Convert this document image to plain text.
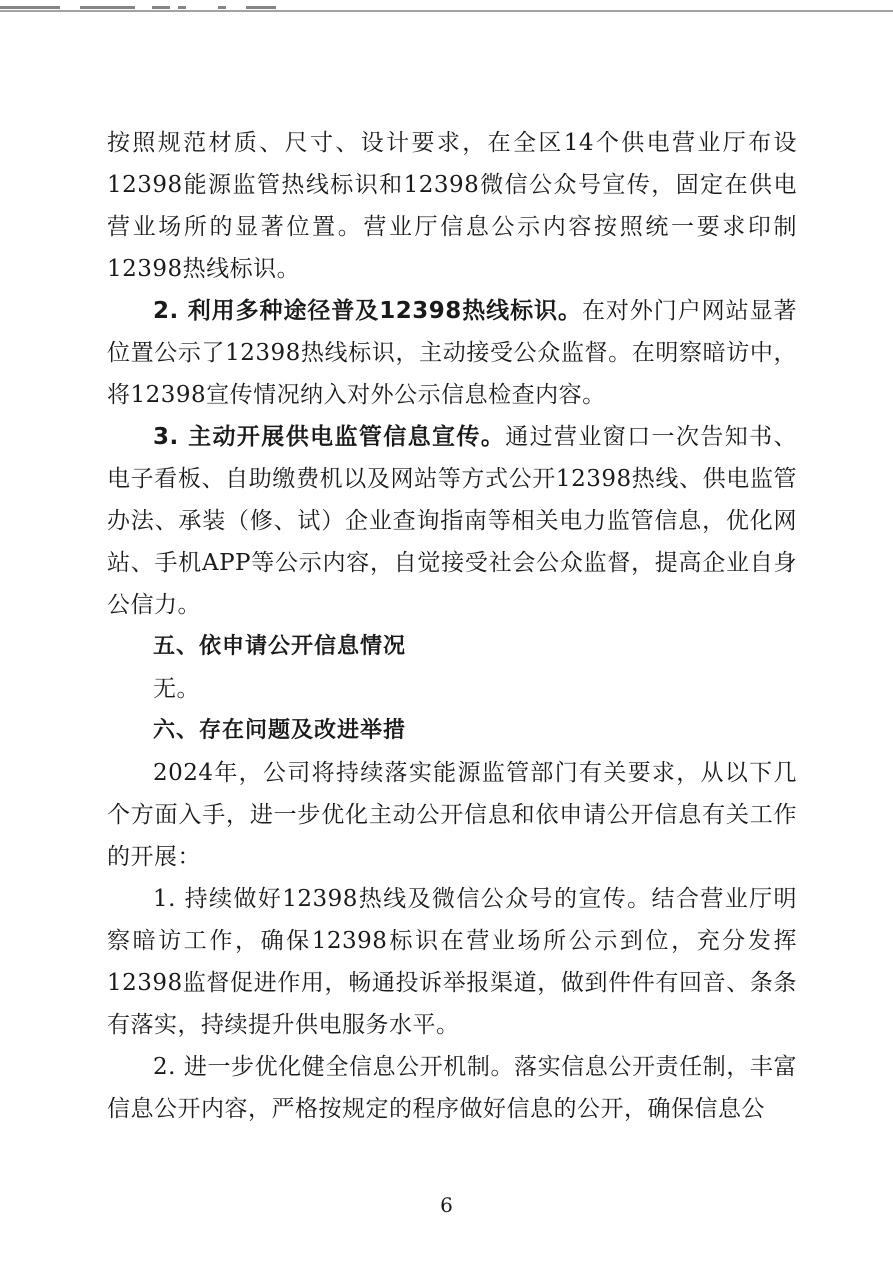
按照规范材质、尺寸、设计要求，在全区14个供电营业厅布设12398能源监管热线标识和12398微信公众号宣传，固定在供电营业场所的显著位置。营业厅信息公示内容按照统一要求印制12398热线标识。

2. 利用多种途径普及12398热线标识。在对外门户网站显著位置公示了12398热线标识，主动接受公众监督。在明察暗访中，将12398宣传情况纳入对外公示信息检查内容。

3. 主动开展供电监管信息宣传。通过营业窗口一次告知书、电子看板、自助缴费机以及网站等方式公开12398热线、供电监管办法、承装（修、试）企业查询指南等相关电力监管信息，优化网站、手机APP等公示内容，自觉接受社会公众监督，提高企业自身公信力。

五、依申请公开信息情况

无。

六、存在问题及改进举措

2024年，公司将持续落实能源监管部门有关要求，从以下几个方面入手，进一步优化主动公开信息和依申请公开信息有关工作的开展：

1. 持续做好12398热线及微信公众号的宣传。结合营业厅明察暗访工作，确保12398标识在营业场所公示到位，充分发挥12398监督促进作用，畅通投诉举报渠道，做到件件有回音、条条有落实，持续提升供电服务水平。

2. 进一步优化健全信息公开机制。落实信息公开责任制，丰富信息公开内容，严格按规定的程序做好信息的公开，确保信息公

6
